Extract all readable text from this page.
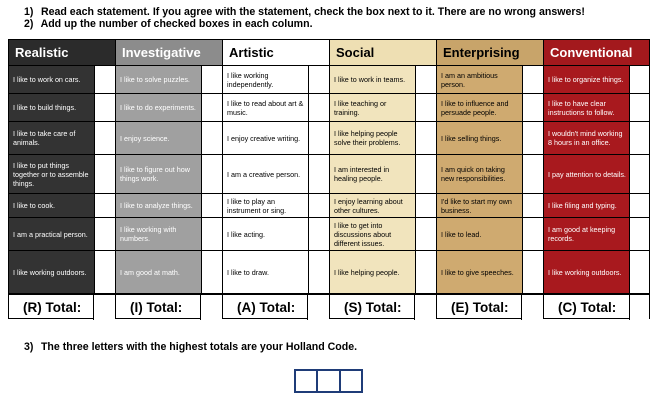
1) Read each statement. If you agree with the statement, check the box next to it. There are no wrong answers!
2) Add up the number of checked boxes in each column.
Realistic
I like to work on cars.
I like to build things.
I like to take care of animals.
I like to put things together or to assemble things.
I like to cook.
I am a practical person.
I like working outdoors.
(R) Total:
Investigative
I like to solve puzzles.
I like to do experiments.
I enjoy science.
I like to figure out how things work.
I like to analyze things.
I like working with numbers.
I am good at math.
(I) Total:
Artistic
I like working independently.
I like to read about art & music.
I enjoy creative writing.
I am a creative person.
I like to play an instrument or sing.
I like acting.
I like to draw.
(A) Total:
Social
I like to work in teams.
I like teaching or training.
I like helping people solve their problems.
I am interested in healing people.
I enjoy learning about other cultures.
I like to get into discussions about different issues.
I like helping people.
(S) Total:
Enterprising
I am an ambitious person.
I like to influence and persuade people.
I like selling things.
I am quick on taking new responsibilities.
I'd like to start my own business.
I like to lead.
I like to give speeches.
(E) Total:
Conventional
I like to organize things.
I like to have clear instructions to follow.
I wouldn't mind working 8 hours in an office.
I pay attention to details.
I like filing and typing.
I am good at keeping records.
I like working outdoors.
(C) Total:
3) The three letters with the highest totals are your Holland Code.
